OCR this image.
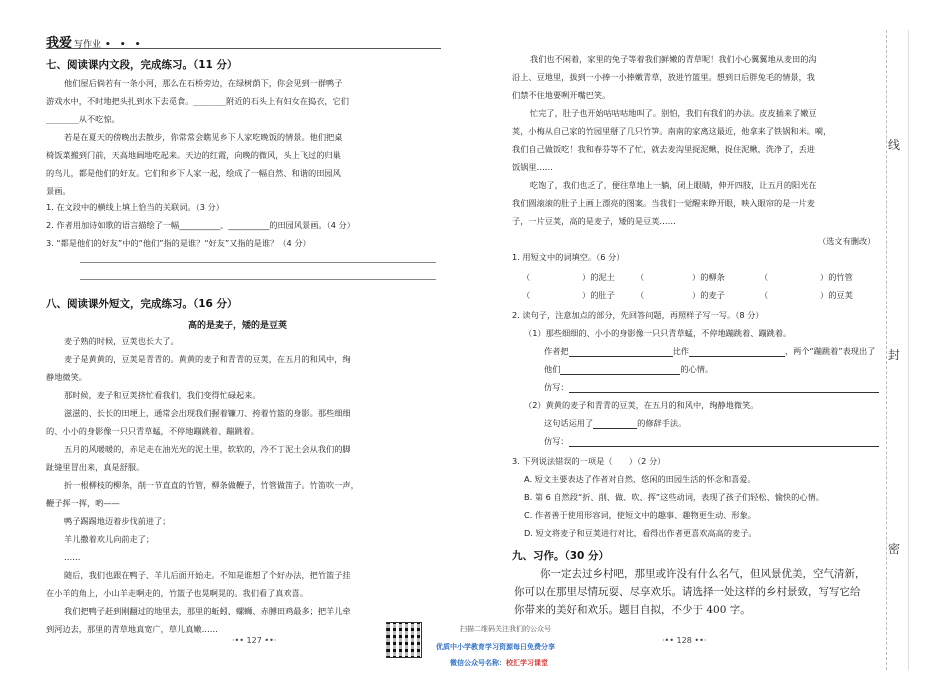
我爱 写作业 • • •
七、阅读课内文段，完成练习。（11 分）
他们屋后倘若有一条小河，那么在石桥旁边，在绿树荫下，你会见到一群鸭子
游戏水中，不时地把头扎到水下去觅食。________附近的石头上有妇女在捣衣，它们
________从不吃惊。
若是在夏天的傍晚出去散步，你常常会瞧见乡下人家吃晚饭的情景。他们把桌
椅饭菜搬到门前，天高地阔地吃起来。天边的红霞，向晚的微风，头上飞过的归巢
的鸟儿，都是他们的好友。它们和乡下人家一起，绘成了一幅自然、和谐的田园风
景画。
1. 在文段中的横线上填上恰当的关联词。（3 分）
2. 作者用加诗如歌的语言描绘了一幅__________、__________的田园风景画。（4 分）
3. “都是他们的好友”中的“他们”指的是谁？“好友”又指的是谁？（4 分）
八、阅读课外短文，完成练习。（16 分）
高的是麦子，矮的是豆荚
麦子熟的时候，豆荚也长大了。
麦子是黄黄的，豆荚是青青的。黄黄的麦子和青青的豆荚，在五月的和风中，绚
静地微笑。
那时候，麦子和豆荚挤忙看我们，我们变得忙碌起来。
滋滋的、长长的田埂上，通常会出现我们握着镰刀、挎着竹篮的身影。那些细细
的、小小的身影像一只只青草蜢，不停地蹦跳着、蹦跳着。
五月的风暖暖的，赤足走在油光光的泥土里，软软的，冷不丁泥土会从我们的脚
趾缝里冒出来，真是舒服。
折一根柳枝的柳条，削一节直直的竹管，柳条做鞭子，竹管做笛子。竹笛吹一声，
鞭子挥一挥，哟——
鸭子踢踢地迈着步伐前进了；
羊儿撒着欢儿向前走了；
……
随后，我们也跟在鸭子、羊儿后面开始走。不知是谁想了个好办法，把竹篮子挂
在小羊的角上，小山羊走啊走的，竹篮子也晃啊晃的。我们看了真欢喜。
我们把鸭子赶到刚翻过的地里去，那里的蚯蚓、螺蛳、赤膊田鸡最多；把羊儿牵
到河边去，那里的青草地真宽广，草儿真嫩……
·•• 127 ••·
我们也不闲着，家里的兔子等着我们鲜嫩的青草呢！我们小心翼翼地从麦田的沟
沿上、豆地里，拔到一小捧一小捧嫩青草，放进竹篮里。想到日后胖兔毛的情景，我
们禁不住地要咧开嘴巴笑。
忙完了，肚子也开始咕咕咕地叫了。别怕，我们有我们的办法。皮皮插来了嫩豆
荚，小梅从自己家的竹园里掰了几只竹笋。南南的家离这最近，他拿来了铁锅和米。嗬，
我们自己做饭吃！我和春芬等不了忙，就去麦沟里捉泥鳅，捉住泥鳅，洗净了，丢进
饭锅里……
吃饱了，我们也乏了，便往草地上一躺，闭上眼睛，伸开四肢，让五月的阳光在
我们圆滚滚的肚子上画上漂亮的图案。当我们一觉醒来睁开眼，映入眼帘的是一片麦
子，一片豆荚，高的是麦子，矮的是豆荚……
（选文有删改）
1. 用短文中的词填空。（6 分）
（	）的泥土	（	）的柳条	（	）的竹管
（	）的肚子	（	）的麦子	（	）的豆荚
2. 读句子，注意加点的部分，先回答问题，再照样子写一写。（8 分）
（1）那些细细的、小小的身影像一只只青草蜢，不停地蹦跳着、蹦跳着。
作者把	比作	，两个“蹦跳着”表现出了
他们	的心情。
仿写：
（2）黄黄的麦子和青青的豆荚，在五月的和风中，绚静地微笑。
这句话运用了	的修辞手法。
仿写：
3. 下列说法错误的一项是（　　）（2 分）
A. 短文主要表达了作者对自然、悠闲的田园生活的怀念和喜爱。
B. 第 6 自然段“折、削、做、吹、挥”这些动词，表现了孩子们轻松、愉快的心情。
C. 作者善于使用形容词，使短文中的趣事、趣物更生动、形象。
D. 短文将麦子和豆荚进行对比，看得出作者更喜欢高高的麦子。
九、习作。（30 分）
你一定去过乡村吧，那里或许没有什么名气，但风景优美，空气清新，
你可以在那里尽情玩耍、尽享欢乐。请选择一处这样的乡村景致，写写它给
你带来的美好和欢乐。题目自拟，不少于 400 字。
·•• 128 ••·
线
封
密
扫描二维码关注我们的公众号
优质中小学教育学习资源每日免费分享
微信公众号名称：校汇学习课堂
